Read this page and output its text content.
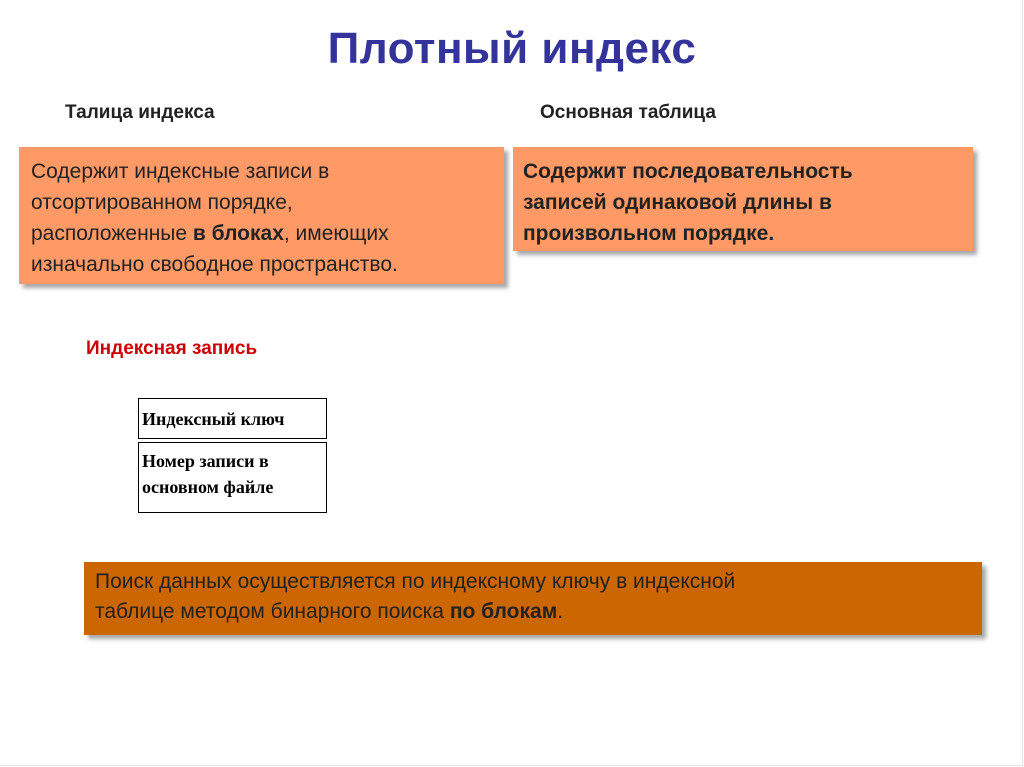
Плотный индекс
Талица индекса	Основная таблица
Содержит индексные записи в
отсортированном порядке,
расположенные в блоках, имеющих
изначально свободное пространство.
Содержит последовательность
записей одинаковой длины в
произвольном порядке.
Индексная запись
Индексный ключ
Номер записи в
основном файле
Поиск данных осуществляется по индексному ключу в индексной
таблице методом бинарного поиска по блокам.
